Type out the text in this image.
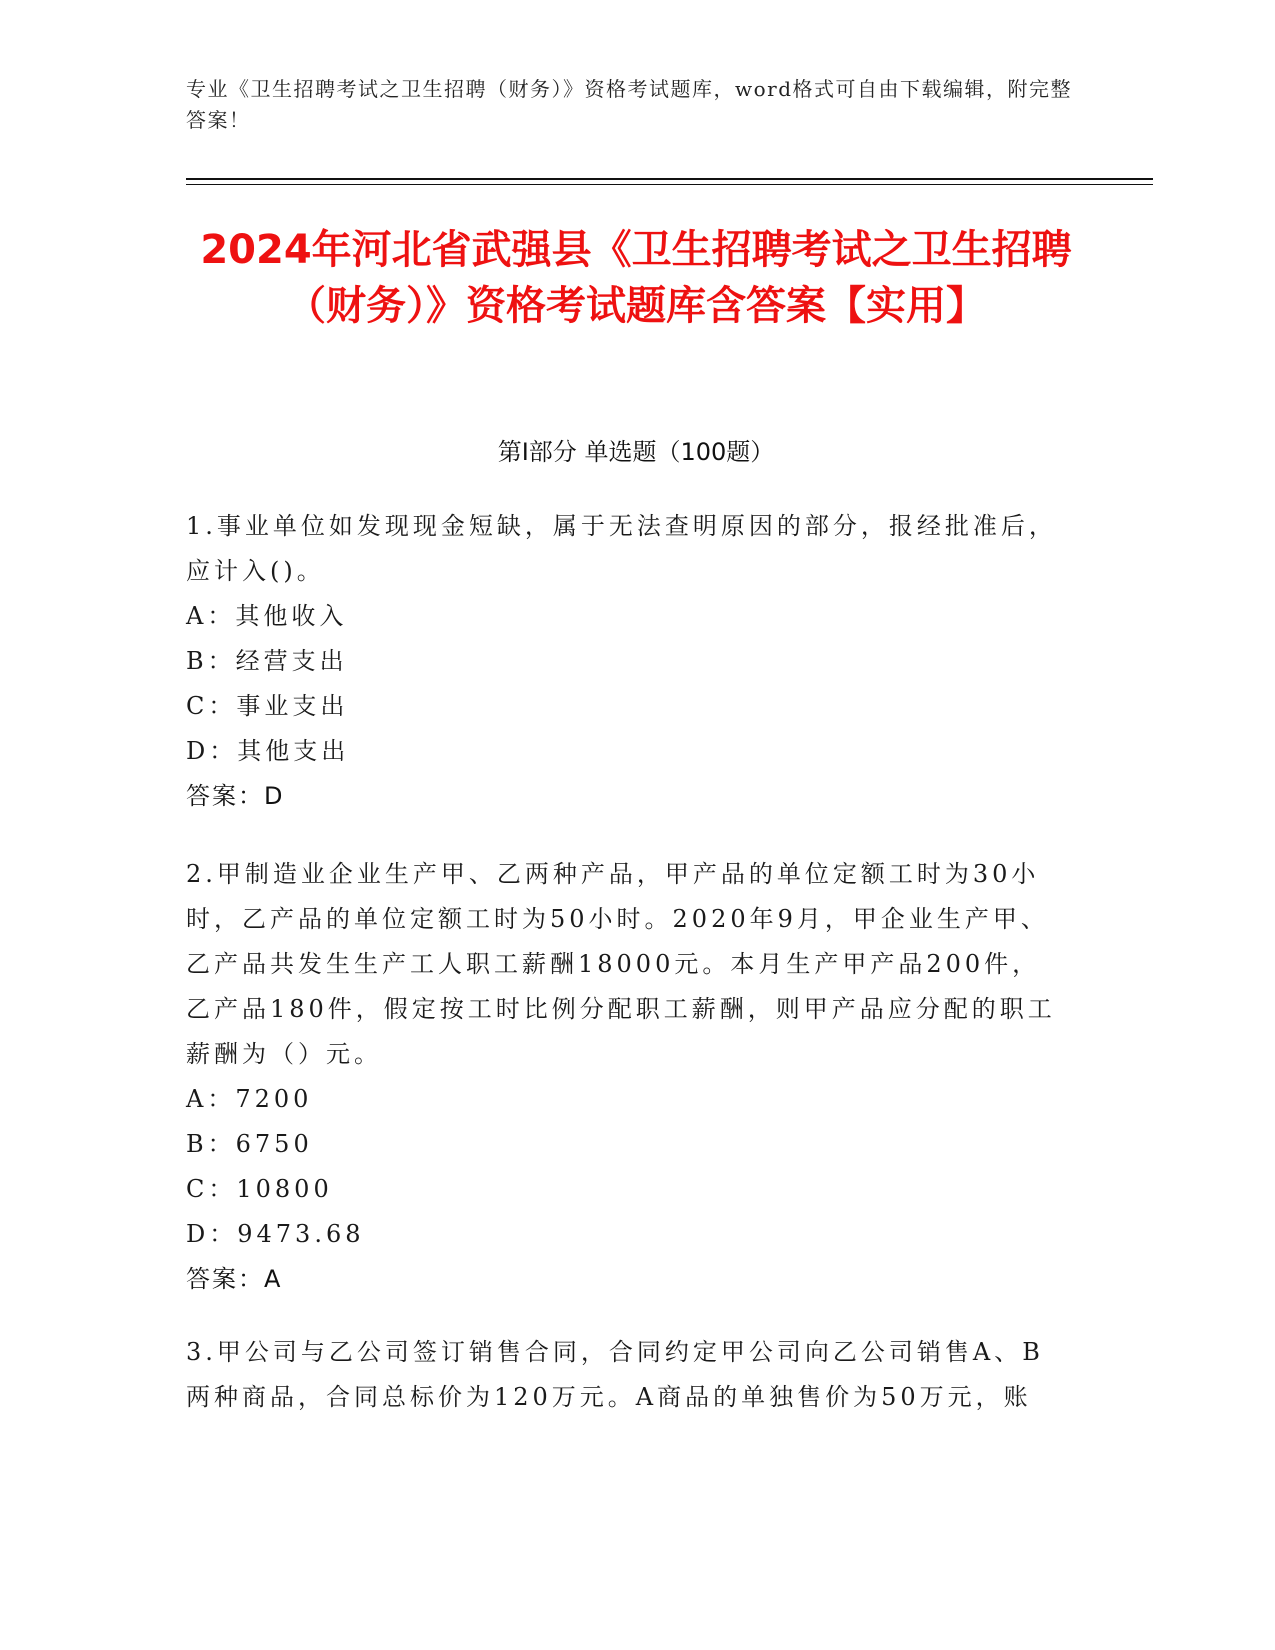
专业《卫生招聘考试之卫生招聘（财务）》资格考试题库，word格式可自由下载编辑，附完整答案！
2024年河北省武强县《卫生招聘考试之卫生招聘（财务）》资格考试题库含答案【实用】
第Ⅰ部分 单选题（100题）
1.事业单位如发现现金短缺，属于无法查明原因的部分，报经批准后，应计入()。
A：其他收入
B：经营支出
C：事业支出
D：其他支出
答案：D
2.甲制造业企业生产甲、乙两种产品，甲产品的单位定额工时为30小时，乙产品的单位定额工时为50小时。2020年9月，甲企业生产甲、乙产品共发生生产工人职工薪酬18000元。本月生产甲产品200件，乙产品180件，假定按工时比例分配职工薪酬，则甲产品应分配的职工薪酬为（）元。
A：7200
B：6750
C：10800
D：9473.68
答案：A
3.甲公司与乙公司签订销售合同，合同约定甲公司向乙公司销售A、B两种商品，合同总标价为120万元。A商品的单独售价为50万元，账
